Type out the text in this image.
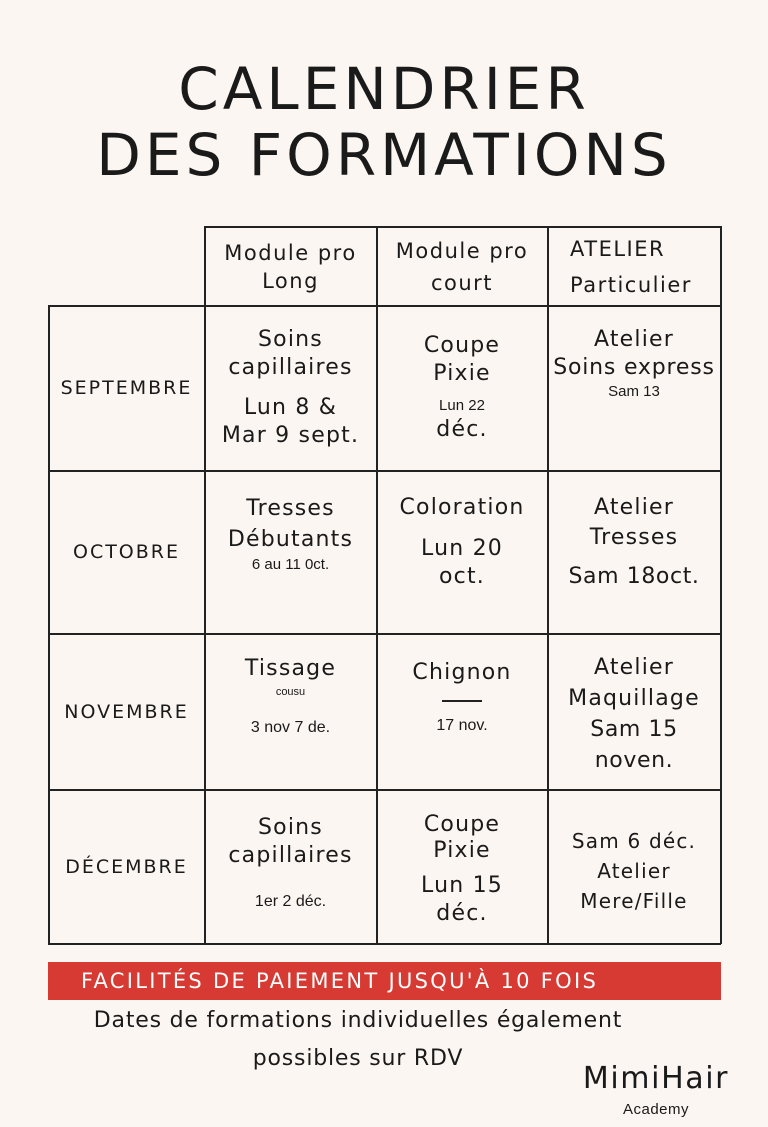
CALENDRIER
DES FORMATIONS
Module pro
Long
Module pro
court
ATELIER
Particulier
SEPTEMBRE
Soins
capillaires
Lun 8 &
Mar 9 sept.
Coupe
Pixie
Lun 22
déc.
Atelier
Soins express
Sam 13
OCTOBRE
Tresses
Débutants
6 au 11 0ct.
Coloration
Lun 20
oct.
Atelier
Tresses
Sam 18oct.
NOVEMBRE
Tissage
cousu
3 nov 7 de.
Chignon
17 nov.
Atelier
Maquillage
Sam 15 noven.
DÉCEMBRE
Soins
capillaires
1er 2 déc.
Coupe
Pixie
Lun 15
déc.
Sam 6 déc.
Atelier
Mere/Fille
FACILITÉS DE PAIEMENT JUSQU'À 10 FOIS
Dates de formations individuelles également
possibles sur RDV
MimiHair
Academy
